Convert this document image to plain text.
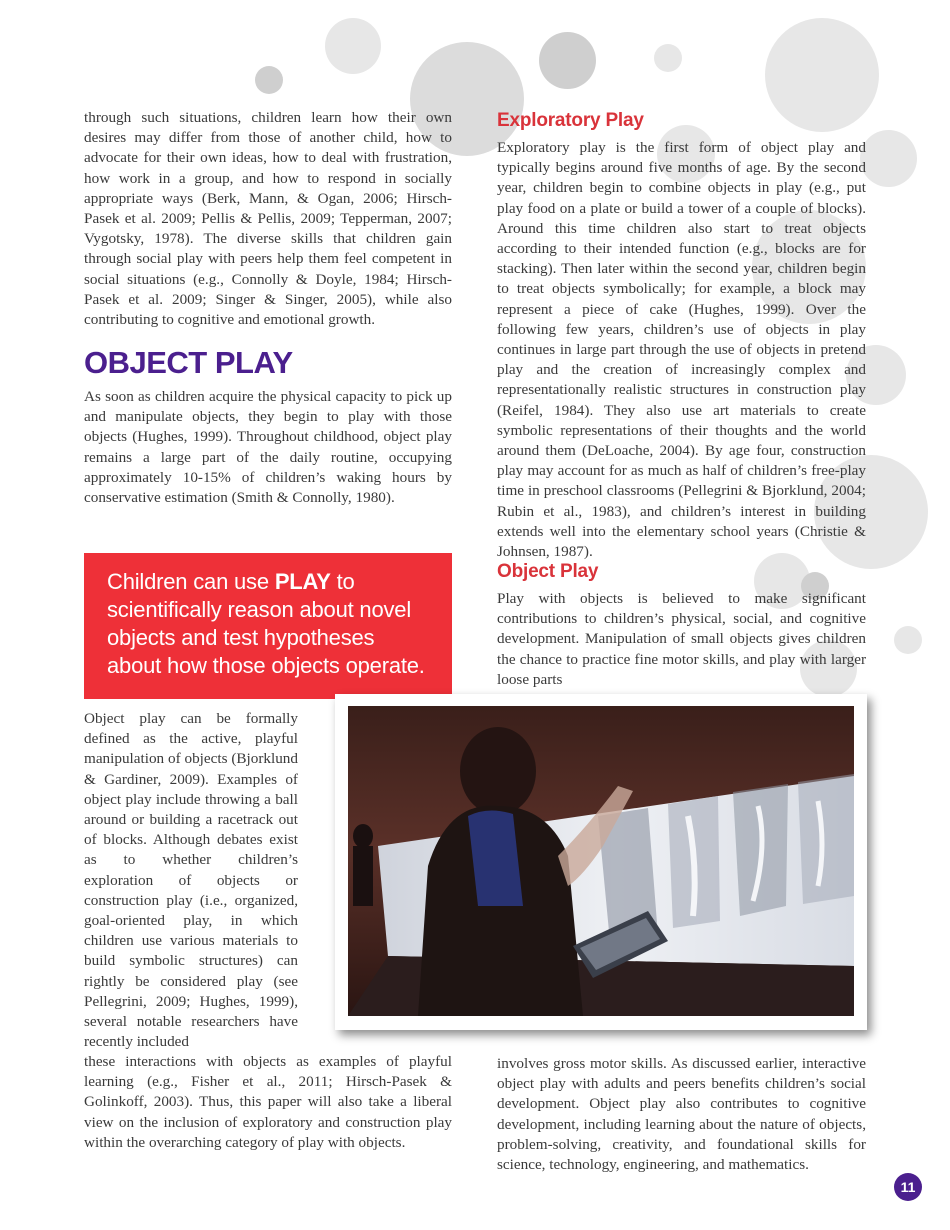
through such situations, children learn how their own desires may differ from those of another child, how to advocate for their own ideas, how to deal with frustration, how work in a group, and how to respond in socially appropriate ways (Berk, Mann, & Ogan, 2006; Hirsch-Pasek et al. 2009; Pellis & Pellis, 2009; Tepperman, 2007; Vygotsky, 1978). The diverse skills that children gain through social play with peers help them feel competent in social situations (e.g., Connolly & Doyle, 1984; Hirsch-Pasek et al. 2009; Singer & Singer, 2005), while also contributing to cognitive and emotional growth.
OBJECT PLAY
As soon as children acquire the physical capacity to pick up and manipulate objects, they begin to play with those objects (Hughes, 1999). Throughout childhood, object play remains a large part of the daily routine, occupying approximately 10-15% of children’s waking hours by conservative estimation (Smith & Connolly, 1980).
Children can use PLAY to scientifically reason about novel objects and test hypotheses about how those objects operate.
Object play can be formally defined as the active, playful manipulation of objects (Bjorklund & Gardiner, 2009). Examples of object play include throwing a ball around or building a racetrack out of blocks. Although debates exist as to whether children’s exploration of objects or construction play (i.e., organized, goal-oriented play, in which children use various materials to build symbolic structures) can rightly be considered play (see Pellegrini, 2009; Hughes, 1999), several notable researchers have recently included
these interactions with objects as examples of playful learning (e.g., Fisher et al., 2011; Hirsch-Pasek & Golinkoff, 2003). Thus, this paper will also take a liberal view on the inclusion of exploratory and construction play within the overarching category of play with objects.
Exploratory Play
Exploratory play is the first form of object play and typically begins around five months of age. By the second year, children begin to combine objects in play (e.g., put play food on a plate or build a tower of a couple of blocks). Around this time children also start to treat objects according to their intended function (e.g., blocks are for stacking). Then later within the second year, children begin to treat objects symbolically; for example, a block may represent a piece of cake (Hughes, 1999). Over the following few years, children’s use of objects in play continues in large part through the use of objects in pretend play and the creation of increasingly complex and representationally realistic structures in construction play (Reifel, 1984). They also use art materials to create symbolic representations of their thoughts and the world around them (DeLoache, 2004). By age four, construction play may account for as much as half of children’s free-play time in preschool classrooms (Pellegrini & Bjorklund, 2004; Rubin et al., 1983), and children’s interest in building extends well into the elementary school years (Christie & Johnsen, 1987).
Object Play
Play with objects is believed to make significant contributions to children’s physical, social, and cognitive development. Manipulation of small objects gives children the chance to practice fine motor skills, and play with larger loose parts
involves gross motor skills. As discussed earlier, interactive object play with adults and peers benefits children’s social development. Object play also contributes to cognitive development, including learning about the nature of objects, problem-solving, creativity, and foundational skills for science, technology, engineering, and mathematics.
11
